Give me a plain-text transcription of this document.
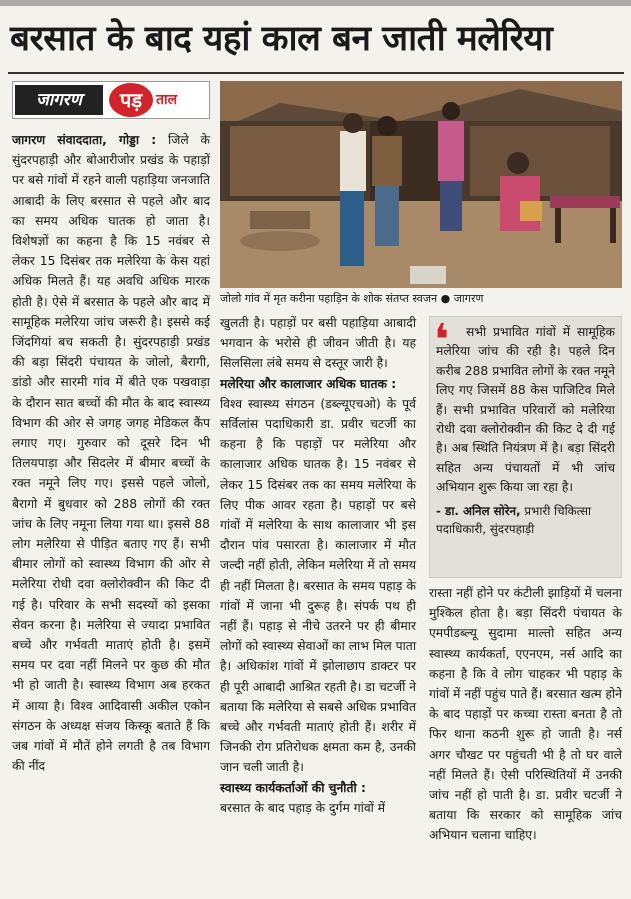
बरसात के बाद यहां काल बन जाती मलेरिया
जागरण	पड़ ताल

जागरण संवाददाता, गोड्डा : जिले के सुंदरपहाड़ी और बोआरीजोर प्रखंड के पहाड़ों पर बसे गांवों में रहने वाली पहाड़िया जनजाति आबादी के लिए बरसात से पहले और बाद का समय अधिक घातक हो जाता है। विशेषज्ञों का कहना है कि 15 नवंबर से लेकर 15 दिसंबर तक मलेरिया के केस यहां अधिक मिलते हैं। यह अवधि अधिक मारक होती है। ऐसे में बरसात के पहले और बाद में सामूहिक मलेरिया जांच जरूरी है। इससे कई जिंदगियां बच सकती है। सुंदरपहाड़ी प्रखंड की बड़ा सिंदरी पंचायत के जोलो, बैरागी, डांडो और सारमी गांव में बीते एक पखवाड़ा के दौरान सात बच्चों की मौत के बाद स्वास्थ्य विभाग की ओर से जगह जगह मेडिकल कैंप लगाए गए। गुरुवार को दूसरे दिन भी तिलयपाड़ा और सिदलेर में बीमार बच्चों के रक्त नमूने लिए गए। इससे पहले जोलो, बैरागो में बुधवार को 288 लोगों की रक्त जांच के लिए नमूना लिया गया था। इससे 88 लोग मलेरिया से पीड़ित बताए गए हैं। सभी बीमार लोगों को स्वास्थ्य विभाग की ओर से मलेरिया रोधी दवा क्लोरोक्वीन की किट दी गई है। परिवार के सभी सदस्यों को इसका सेवन करना है। मलेरिया से ज्यादा प्रभावित बच्चे और गर्भवती माताएं होती है। इसमें समय पर दवा नहीं मिलने पर कुछ की मौत भी हो जाती है। स्वास्थ्य विभाग अब हरकत में आया है। विश्व आदिवासी अकील एकोन संगठन के अध्यक्ष संजय किस्कू बताते हैं कि जब गांवों में मौतें होने लगती है तब विभाग की नींद

जोलो गांव में मृत करीना पहाड़िन के शोक संतप्त स्वजन ● जागरण

खुलती है। पहाड़ों पर बसी पहाड़िया आबादी भगवान के भरोसे ही जीवन जीती है। यह सिलसिला लंबे समय से दस्तूर जारी है।

मलेरिया और कालाजार अधिक घातक :
विश्व स्वास्थ्य संगठन (डब्ल्यूएचओ) के पूर्व सर्विलांस पदाधिकारी डा. प्रवीर चटर्जी का कहना है कि पहाड़ों पर मलेरिया और कालाजार अधिक घातक है। 15 नवंबर से लेकर 15 दिसंबर तक का समय मलेरिया के लिए पीक आवर रहता है। पहाड़ों पर बसे गांवों में मलेरिया के साथ कालाजार भी इस दौरान पांव पसारता है। कालाजार में मौत जल्दी नहीं होती, लेकिन मलेरिया में तो समय ही नहीं मिलता है। बरसात के समय पहाड़ के गांवों में जाना भी दुरूह है। संपर्क पथ ही नहीं हैं। पहाड़ से नीचे उतरने पर ही बीमार लोगों को स्वास्थ्य सेवाओं का लाभ मिल पाता है। अधिकांश गांवों में झोलाछाप डाक्टर पर ही पूरी आबादी आश्रित रहती है। डा चटर्जी ने बताया कि मलेरिया से सबसे अधिक प्रभावित बच्चे और गर्भवती माताएं होती हैं। शरीर में जिनकी रोग प्रतिरोधक क्षमता कम है, उनकी जान चली जाती है।

स्वास्थ्य कार्यकर्ताओं की चुनौती :
बरसात के बाद पहाड़ के दुर्गम गांवों में

❛	सभी प्रभावित गांवों में सामूहिक मलेरिया जांच की रही है। पहले दिन करीब 288 प्रभावित लोगों के रक्त नमूने लिए गए जिसमें 88 केस पाजिटिव मिले हैं। सभी प्रभावित परिवारों को मलेरिया रोधी दवा क्लोरोक्वीन की किट दे दी गई है। अब स्थिति नियंत्रण में है। बड़ा सिंदरी सहित अन्य पंचायतों में भी जांच अभियान शुरू किया जा रहा है।
- डा. अनिल सोरेन, प्रभारी चिकित्सा पदाधिकारी, सुंदरपहाड़ी

रास्ता नहीं होने पर कंटीली झाड़ियों में चलना मुश्किल होता है। बड़ा सिंदरी पंचायत के एमपीडब्ल्यू सुदामा माल्तो सहित अन्य स्वास्थ्य कार्यकर्ता, एएनएम, नर्स आदि का कहना है कि वे लोग चाहकर भी पहाड़ के गांवों में नहीं पहुंच पाते हैं। बरसात खत्म होने के बाद पहाड़ों पर कच्चा रास्ता बनता है तो फिर थाना कठनी शुरू हो जाती है। नर्स अगर चौखट पर पहुंचती भी है तो घर वाले नहीं मिलते हैं। ऐसी परिस्थितियों में उनकी जांच नहीं हो पाती है। डा. प्रवीर चटर्जी ने बताया कि सरकार को सामूहिक जांच अभियान चलाना चाहिए।
